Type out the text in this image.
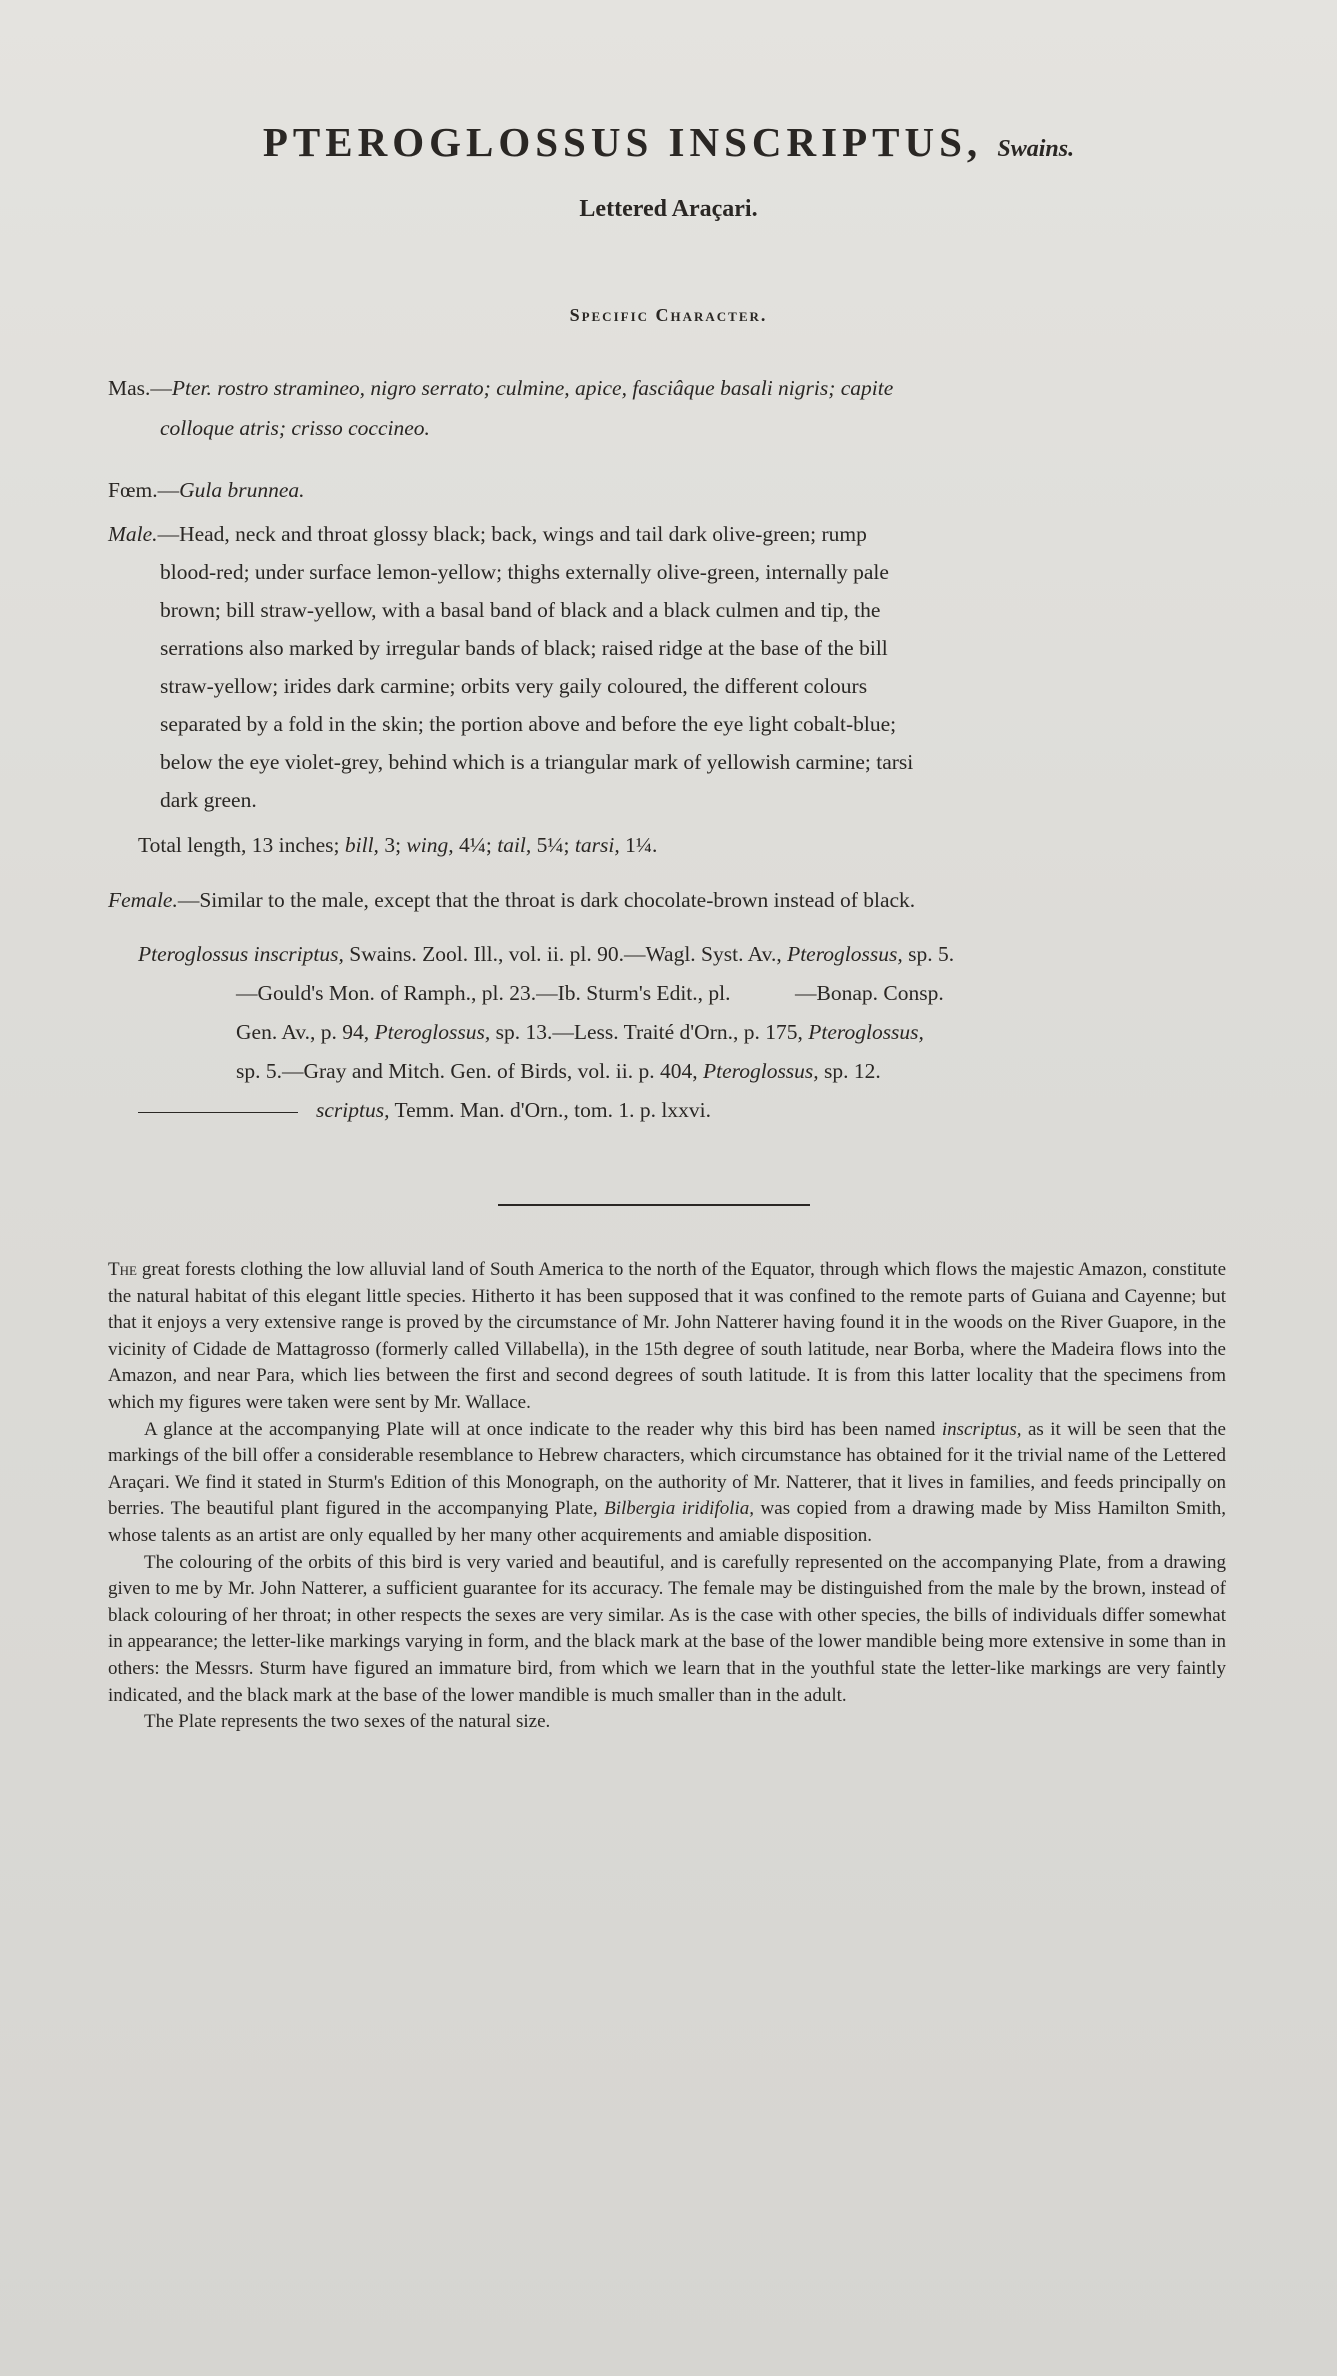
PTEROGLOSSUS INSCRIPTUS, Swains.
Lettered Araçari.
Specific Character.
Mas.—Pter. rostro stramineo, nigro serrato; culmine, apice, fasciâque basali nigris; capite
colloque atris; crisso coccineo.
Fœm.—Gula brunnea.
Male.—Head, neck and throat glossy black; back, wings and tail dark olive-green; rump
blood-red; under surface lemon-yellow; thighs externally olive-green, internally pale
brown; bill straw-yellow, with a basal band of black and a black culmen and tip, the
serrations also marked by irregular bands of black; raised ridge at the base of the bill
straw-yellow; irides dark carmine; orbits very gaily coloured, the different colours
separated by a fold in the skin; the portion above and before the eye light cobalt-blue;
below the eye violet-grey, behind which is a triangular mark of yellowish carmine; tarsi
dark green.
Total length, 13 inches; bill, 3; wing, 4¼; tail, 5¼; tarsi, 1¼.
Female.—Similar to the male, except that the throat is dark chocolate-brown instead of black.
Pteroglossus inscriptus, Swains. Zool. Ill., vol. ii. pl. 90.—Wagl. Syst. Av., Pteroglossus, sp. 5.
—Gould's Mon. of Ramph., pl. 23.—Ib. Sturm's Edit., pl.            —Bonap. Consp.
Gen. Av., p. 94, Pteroglossus, sp. 13.—Less. Traité d'Orn., p. 175, Pteroglossus,
sp. 5.—Gray and Mitch. Gen. of Birds, vol. ii. p. 404, Pteroglossus, sp. 12.
scriptus, Temm. Man. d'Orn., tom. 1. p. lxxvi.

The great forests clothing the low alluvial land of South America to the north of the Equator, through which flows the majestic Amazon, constitute the natural habitat of this elegant little species. Hitherto it has been supposed that it was confined to the remote parts of Guiana and Cayenne; but that it enjoys a very extensive range is proved by the circumstance of Mr. John Natterer having found it in the woods on the River Guapore, in the vicinity of Cidade de Mattagrosso (formerly called Villabella), in the 15th degree of south latitude, near Borba, where the Madeira flows into the Amazon, and near Para, which lies between the first and second degrees of south latitude. It is from this latter locality that the specimens from which my figures were taken were sent by Mr. Wallace.

A glance at the accompanying Plate will at once indicate to the reader why this bird has been named inscriptus, as it will be seen that the markings of the bill offer a considerable resemblance to Hebrew characters, which circumstance has obtained for it the trivial name of the Lettered Araçari. We find it stated in Sturm's Edition of this Monograph, on the authority of Mr. Natterer, that it lives in families, and feeds principally on berries. The beautiful plant figured in the accompanying Plate, Bilbergia iridifolia, was copied from a drawing made by Miss Hamilton Smith, whose talents as an artist are only equalled by her many other acquirements and amiable disposition.

The colouring of the orbits of this bird is very varied and beautiful, and is carefully represented on the accompanying Plate, from a drawing given to me by Mr. John Natterer, a sufficient guarantee for its accuracy. The female may be distinguished from the male by the brown, instead of black colouring of her throat; in other respects the sexes are very similar. As is the case with other species, the bills of individuals differ somewhat in appearance; the letter-like markings varying in form, and the black mark at the base of the lower mandible being more extensive in some than in others: the Messrs. Sturm have figured an immature bird, from which we learn that in the youthful state the letter-like markings are very faintly indicated, and the black mark at the base of the lower mandible is much smaller than in the adult.

The Plate represents the two sexes of the natural size.
